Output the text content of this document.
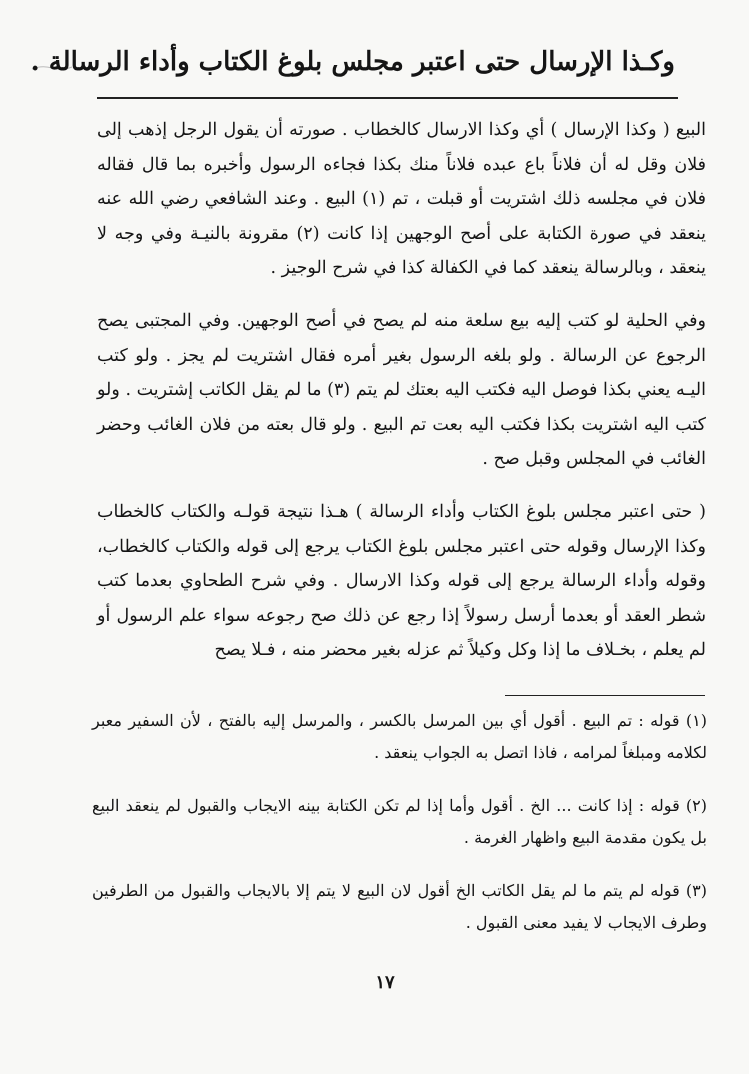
وكـذا الإرسال حتى اعتبر مجلس بلوغ الكتاب وأداء الرسالة .

البيع ( وكذا الإرسال ) أي وكذا الارسال كالخطاب . صورته أن يقول الرجل إذهب إلى فلان وقل له أن فلاناً باع عبده فلاناً منك بكذا فجاءه الرسول وأخبره بما قال فقاله فلان في مجلسه ذلك اشتريت أو قبلت ، تم (١) البيع . وعند الشافعي رضي الله عنه ينعقد في صورة الكتابة على أصح الوجهين إذا كانت (٢) مقرونة بالنيـة وفي وجه لا ينعقد ، وبالرسالة ينعقد كما في الكفالة كذا في شرح الوجيز .

وفي الحلية لو كتب إليه بيع سلعة منه لم يصح في أصح الوجهين. وفي المجتبى يصح الرجوع عن الرسالة . ولو بلغه الرسول بغير أمره فقال اشتريت لم يجز . ولو كتب اليـه يعني بكذا فوصل اليه فكتب اليه بعتك لم يتم (٣) ما لم يقل الكاتب إشتريت . ولو كتب اليه اشتريت بكذا فكتب اليه بعت تم البيع . ولو قال بعته من فلان الغائب وحضر الغائب في المجلس وقبل صح .

( حتى اعتبر مجلس بلوغ الكتاب وأداء الرسالة ) هـذا نتيجة قولـه والكتاب كالخطاب وكذا الإرسال وقوله حتى اعتبر مجلس بلوغ الكتاب يرجع إلى قوله والكتاب كالخطاب، وقوله وأداء الرسالة يرجع إلى قوله وكذا الارسال . وفي شرح الطحاوي بعدما كتب شطر العقد أو بعدما أرسل رسولاً إذا رجع عن ذلك صح رجوعه سواء علم الرسول أو لم يعلم ، بخـلاف ما إذا وكل وكيلاً ثم عزله بغير محضر منه ، فـلا يصح

(١) قوله : تم البيع . أقول أي بين المرسل بالكسر ، والمرسل إليه بالفتح ، لأن السفير معبر لكلامه ومبلغاً لمرامه ، فاذا اتصل به الجواب ينعقد .

(٢) قوله : إذا كانت ... الخ . أقول وأما إذا لم تكن الكتابة بينه الايجاب والقبول لم ينعقد البيع بل يكون مقدمة البيع واظهار الغرمة .

(٣) قوله لم يتم ما لم يقل الكاتب الخ أقول لان البيع لا يتم إلا بالايجاب والقبول من الطرفين وطرف الايجاب لا يفيد معنى القبول .

١٧
